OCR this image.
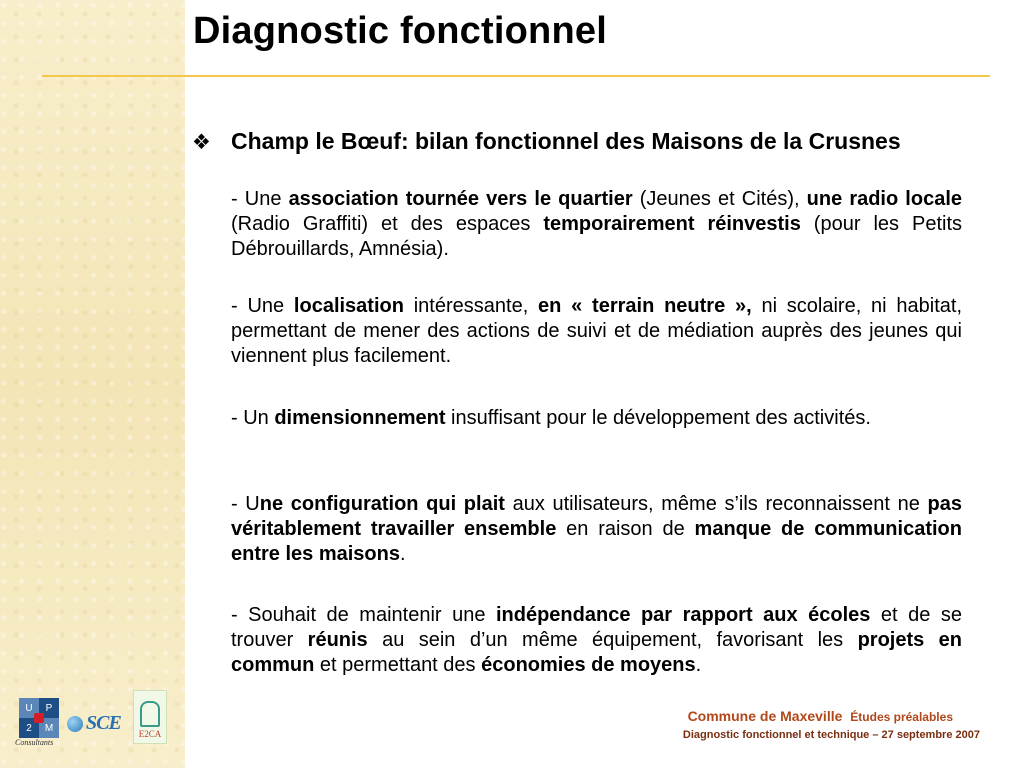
Diagnostic fonctionnel
❖ Champ le Bœuf: bilan fonctionnel des Maisons de la Crusnes

- Une association tournée vers le quartier (Jeunes et Cités), une radio locale (Radio Graffiti) et des espaces temporairement réinvestis (pour les Petits Débrouillards, Amnésia).

- Une localisation intéressante, en « terrain neutre », ni scolaire, ni habitat, permettant de mener des actions de suivi et de médiation auprès des jeunes qui viennent plus facilement.

- Un dimensionnement insuffisant pour le développement des activités.

- Une configuration qui plait aux utilisateurs, même s’ils reconnaissent ne pas véritablement travailler ensemble en raison de manque de communication entre les maisons.

- Souhait de maintenir une indépendance par rapport aux écoles et de se trouver réunis au sein d’un même équipement, favorisant les projets en commun et permettant des économies de moyens.

U	P
2	M
Consultants
SCE E2CA
Commune de Maxeville Études préalables
Diagnostic fonctionnel et technique – 27 septembre 2007
